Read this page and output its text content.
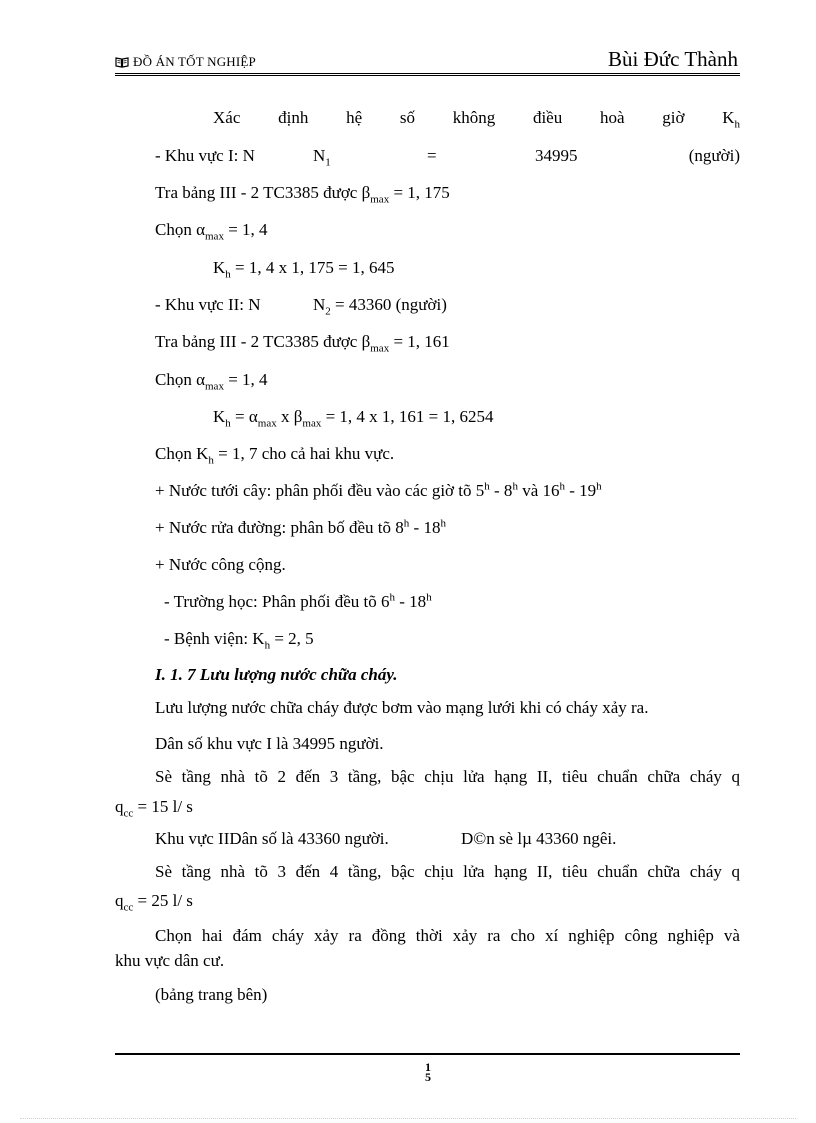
ĐỒ ÁN TỐT NGHIỆP	Bùi Đức Thành
Xác định hệ số không điều hoà giờ $K_h$
- Khu vực I: N	$N_1$	=	34995	(người)
Tra bảng III - 2 TC3385 được $\beta_{max} = 1$, 175
Chọn $\alpha_{max} = 1$, 4
$K_h = 1$, 4 x 1, 175 = 1, 645
- Khu vực II: N	$N_2 = 43360$ (người)
Tra bảng III - 2 TC3385 được $\beta_{max} = 1$, 161
Chọn $\alpha_{max} = 1$, 4
$K_h = \alpha_{max}$ x $\beta_{max} = 1$, 4 x 1, 161 = 1, 6254
Chọn $K_h = 1$, 7 cho cả hai khu vực.
+ Nước tưới cây: phân phối đều vào các giờ tõ 5$^h$ - 8$^h$ và $16^h - 19^h$
+ Nước rửa đường: phân bố đều tõ $8^h - 18^h$
+ Nước công cộng.
- Trường học: Phân phối đều tõ 6$^h$ - 18$^h$
- Bệnh viện: $K_h = 2$, 5
I. 1. 7 Lưu lượng nước chữa cháy.
Lưu lượng nước chữa cháy được bơm vào mạng lưới khi có cháy xảy ra.
Dân số khu vực I là 34995 người.
Sè tầng nhà tõ 2 đến 3 tầng, bậc chịu lửa hạng II, tiêu chuẩn chữa cháy q
$q_{cc} = 15$ l/ s
Khu vực IIDân số là 43360 người.	D©n sè lµ 43360 ngêi.
Sè tầng nhà tõ 3 đến 4 tầng, bậc chịu lửa hạng II, tiêu chuẩn chữa cháy q
$q_{cc} = 25$ l/ s
Chọn hai đám cháy xảy ra đồng thời xảy ra cho xí nghiệp công nghiệp và
khu vực dân cư.
(bảng trang bên)
1
5
